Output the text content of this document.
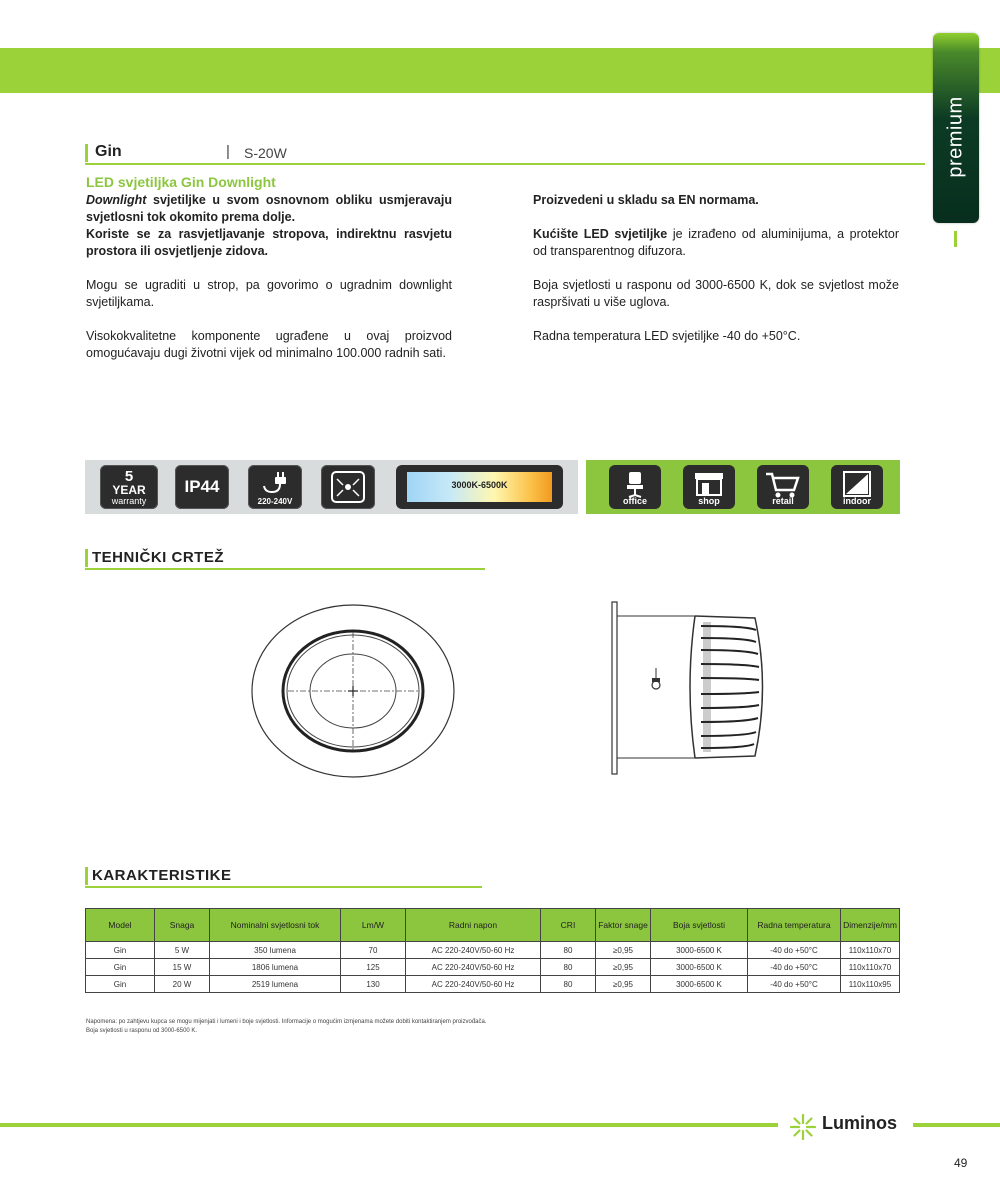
premium
Gin	| S-20W
LED svjetiljka Gin Downlight

Downlight svjetiljke u svom osnovnom obliku usmjeravaju svjetlosni tok okomito prema dolje.
Koriste se za rasvjetljavanje stropova, indirektnu rasvjetu prostora ili osvjetljenje zidova.

Mogu se ugraditi u strop, pa govorimo o ugradnim downlight svjetiljkama.

Visokokvalitetne komponente ugrađene u ovaj proizvod omogućavaju dugi životni vijek od minimalno 100.000 radnih sati.

Proizvedeni u skladu sa EN normama.

Kućište LED svjetiljke je izrađeno od aluminijuma, a protektor od transparentnog difuzora.

Boja svjetlosti u rasponu od 3000-6500 K, dok se svjetlost može raspršivati u više uglova.

Radna temperatura LED svjetiljke -40 do +50°C.

5
YEAR
warranty
IP44
220-240V
3000K-6500K
office	shop	retail	indoor
TEHNIČKI CRTEŽ
KARAKTERISTIKE
Model	Snaga	Nominalni svjetlosni tok	Lm/W	Radni napon	CRI	Faktor snage	Boja svjetlosti	Radna temperatura	Dimenzije/mm
Gin	5 W	350 lumena	70	AC 220-240V/50-60 Hz	80	≥0,95	3000-6500 K	-40 do +50°C	110x110x70
Gin	15 W	1806 lumena	125	AC 220-240V/50-60 Hz	80	≥0,95	3000-6500 K	-40 do +50°C	110x110x70
Gin	20 W	2519 lumena	130	AC 220-240V/50-60 Hz	80	≥0,95	3000-6500 K	-40 do +50°C	110x110x95
Napomena: po zahtjevu kupca se mogu mijenjati i lumeni i boje svjetlosti. Informacije o mogućim izmjenama možete dobiti kontaktiranjem proizvođača.
Boja svjetlosti u rasponu od 3000-6500 K.
Luminos
49
